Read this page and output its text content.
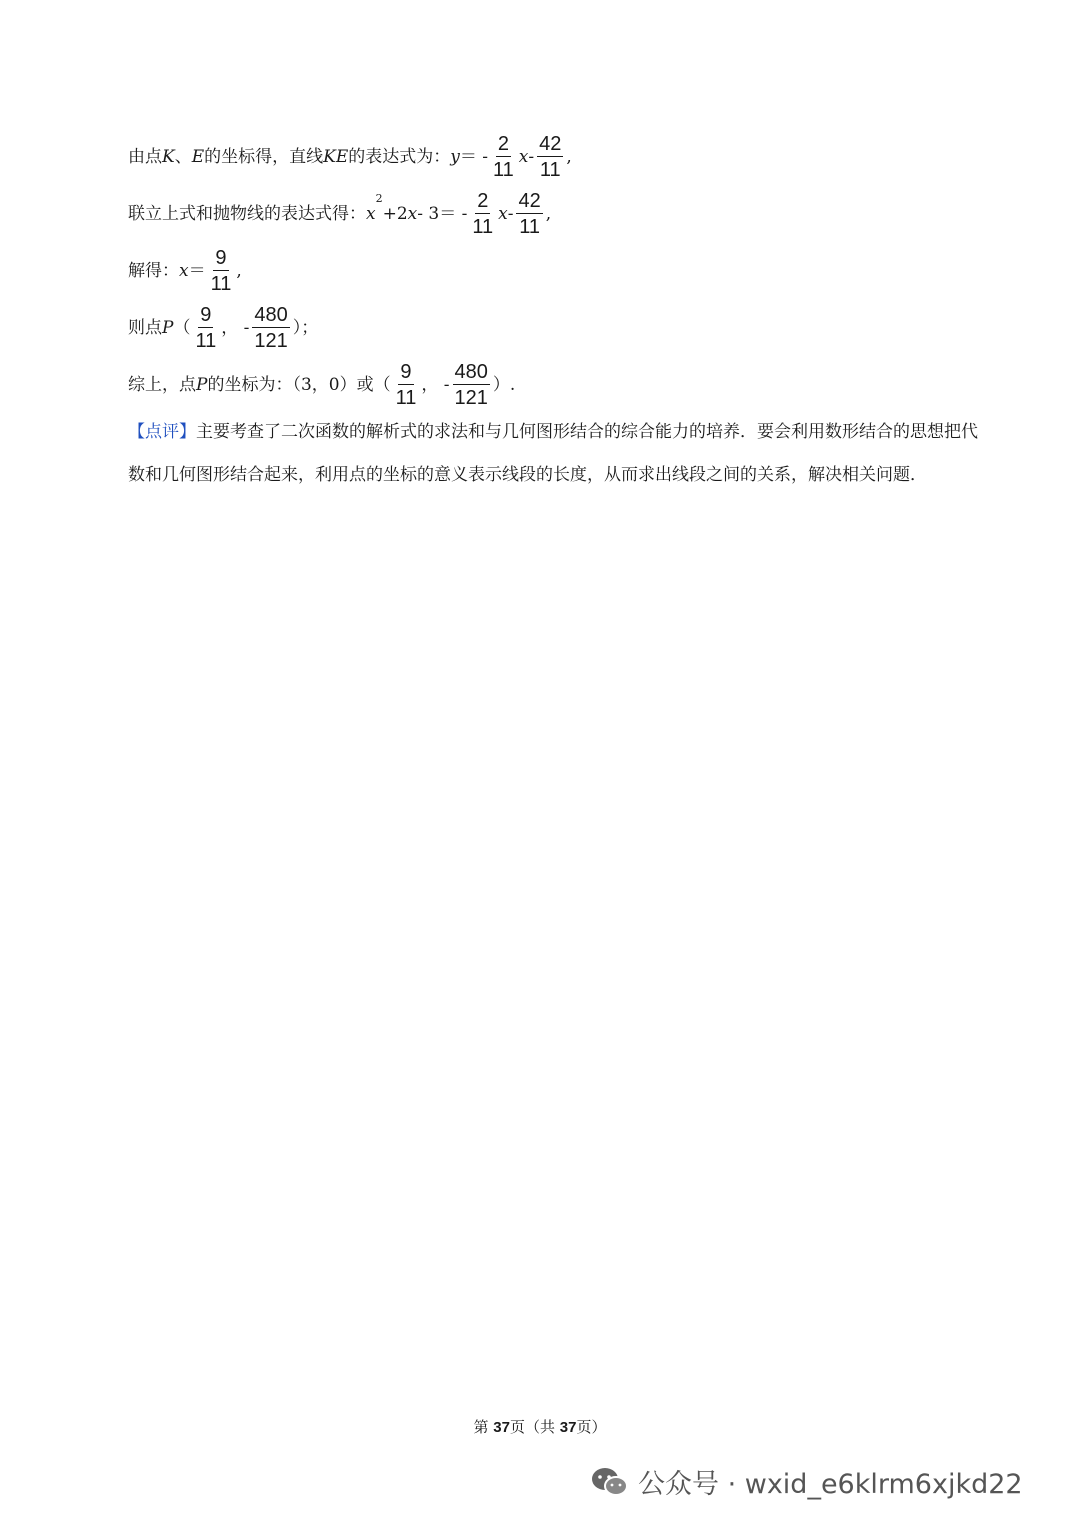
由点 K 、 E 的坐标得，直线 KE 的表达式为： y ＝ - $\frac{2}{11}$ x - $\frac{42}{11}$ ,
联立上式和抛物线的表达式得： x
2
+2 $x - 3= - \frac{2}{11}$ x - $\frac{42}{11}$ ,
解得： $x = \frac{9}{11}$ ,
则点 P （ $\frac{9}{11}$ ， - $\frac{480}{121}$ ）；
综上，点 P 的坐标为：（3，0）或（ $\frac{9}{11}$ ， - $\frac{480}{121}$ ）.
【点评】主要考查了二次函数的解析式的求法和与几何图形结合的综合能力的培养．要会利用数形结合的思想把代数和几何图形结合起来，利用点的坐标的意义表示线段的长度，从而求出线段之间的关系，解决相关问题．
第 37页（共 37页）
公众号 · wxid_e6klrm6xjkd22
